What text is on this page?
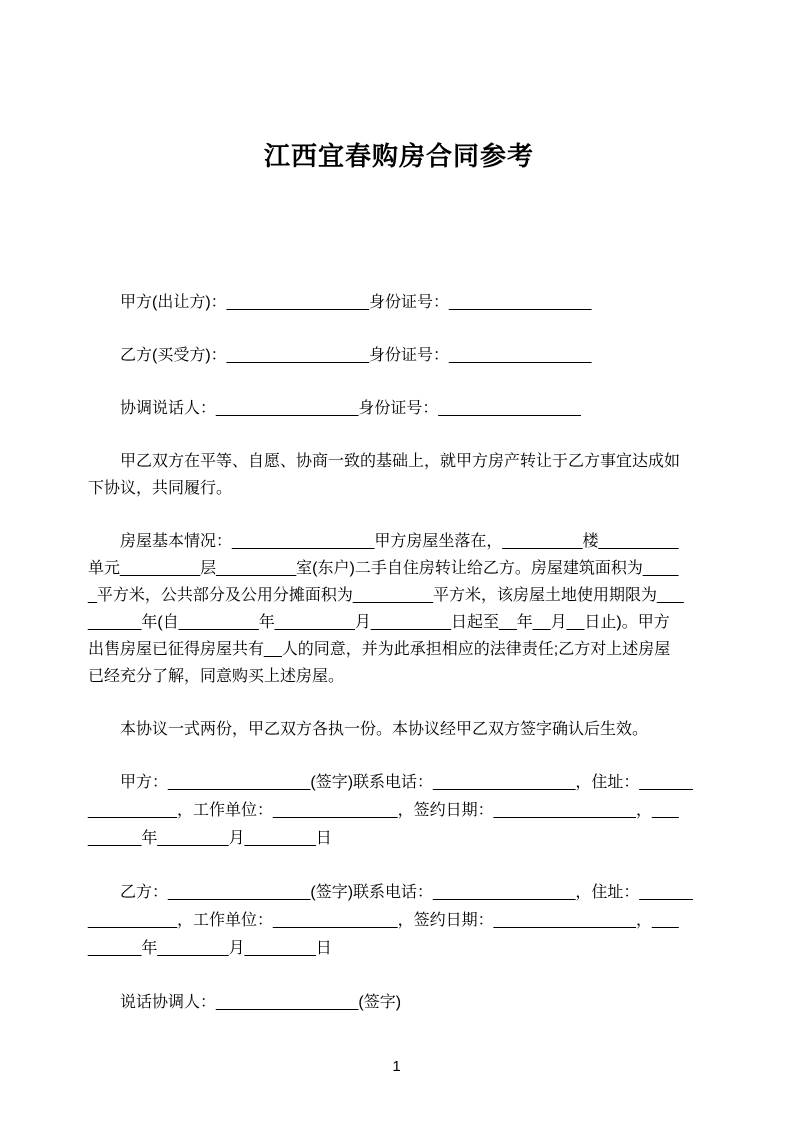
江西宜春购房合同参考
甲方(出让方)：________________身份证号：________________
乙方(买受方)：________________身份证号：________________
协调说话人：________________身份证号：________________
甲乙双方在平等、自愿、协商一致的基础上，就甲方房产转让于乙方事宜达成如
下协议，共同履行。
房屋基本情况：________________甲方房屋坐落在，_________楼_________
单元_________层_________室(东户)二手自住房转让给乙方。房屋建筑面积为____
_平方米，公共部分及公用分摊面积为_________平方米，该房屋土地使用期限为___
______年(自_________年_________月_________日起至__年__月__日止)。甲方
出售房屋已征得房屋共有__人的同意，并为此承担相应的法律责任;乙方对上述房屋
已经充分了解，同意购买上述房屋。
本协议一式两份，甲乙双方各执一份。本协议经甲乙双方签字确认后生效。
甲方：________________(签字)联系电话：________________，住址：______
__________，工作单位：______________，签约日期：________________，___
______年________月________日
乙方：________________(签字)联系电话：________________，住址：______
__________，工作单位：______________，签约日期：________________，___
______年________月________日
说话协调人：________________(签字)
1
